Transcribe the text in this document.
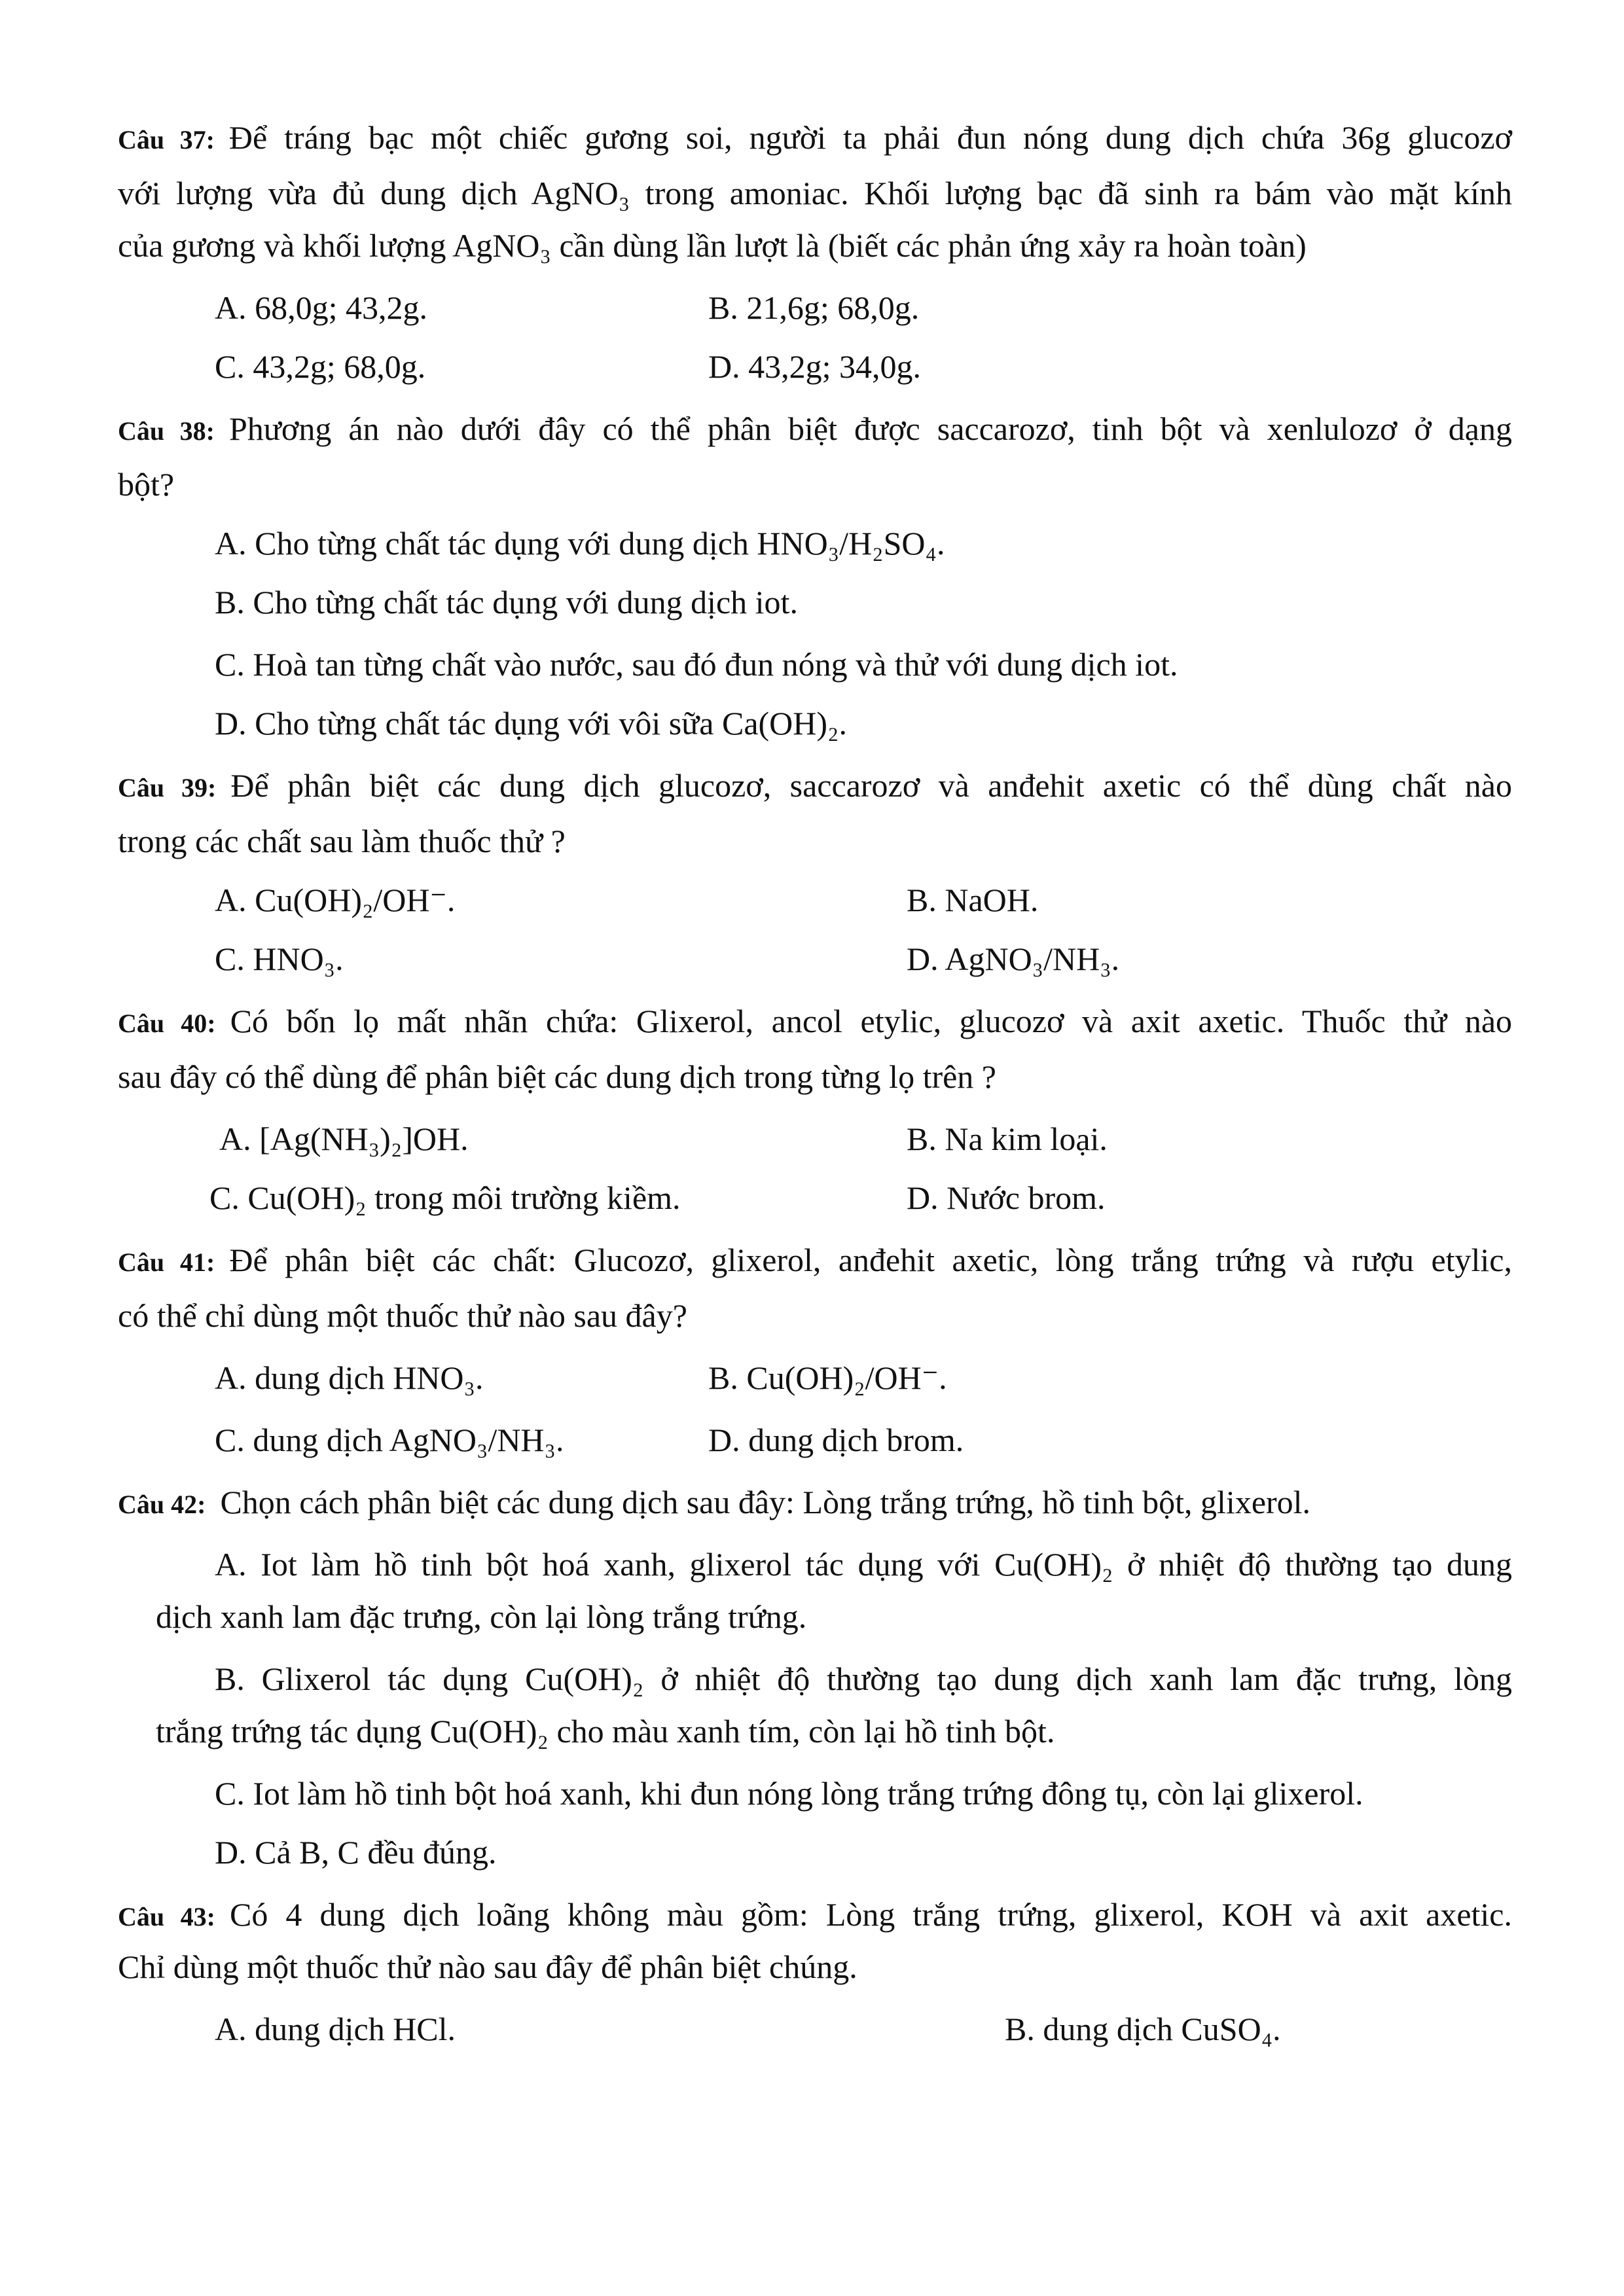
Câu 37: Để tráng bạc một chiếc gương soi, người ta phải đun nóng dung dịch chứa 36g glucozơ
với lượng vừa đủ dung dịch AgNO₃ trong amoniac. Khối lượng bạc đã sinh ra bám vào mặt kính
của gương và khối lượng AgNO₃ cần dùng lần lượt là (biết các phản ứng xảy ra hoàn toàn)
A. 68,0g; 43,2g.	B. 21,6g; 68,0g.
C. 43,2g; 68,0g.	D. 43,2g; 34,0g.
Câu 38: Phương án nào dưới đây có thể phân biệt được saccarozơ, tinh bột và xenlulozơ ở dạng
bột?
A. Cho từng chất tác dụng với dung dịch HNO₃/H₂SO₄.
B. Cho từng chất tác dụng với dung dịch iot.
C. Hoà tan từng chất vào nước, sau đó đun nóng và thử với dung dịch iot.
D. Cho từng chất tác dụng với vôi sữa Ca(OH)₂.
Câu 39: Để phân biệt các dung dịch glucozơ, saccarozơ và anđehit axetic có thể dùng chất nào
trong các chất sau làm thuốc thử ?
A. Cu(OH)₂/OH⁻.	B. NaOH.
C. HNO₃.	D. AgNO₃/NH₃.
Câu 40: Có bốn lọ mất nhãn chứa: Glixerol, ancol etylic, glucozơ và axit axetic. Thuốc thử nào
sau đây có thể dùng để phân biệt các dung dịch trong từng lọ trên ?
A. [Ag(NH₃)₂]OH.	B. Na kim loại.
C. Cu(OH)₂ trong môi trường kiềm.	D. Nước brom.
Câu 41: Để phân biệt các chất: Glucozơ, glixerol, anđehit axetic, lòng trắng trứng và rượu etylic,
có thể chỉ dùng một thuốc thử nào sau đây?
A. dung dịch HNO₃.	B. Cu(OH)₂/OH⁻.
C. dung dịch AgNO₃/NH₃.	D. dung dịch brom.
Câu 42: Chọn cách phân biệt các dung dịch sau đây: Lòng trắng trứng, hồ tinh bột, glixerol.
A. Iot làm hồ tinh bột hoá xanh, glixerol tác dụng với Cu(OH)₂ ở nhiệt độ thường tạo dung
dịch xanh lam đặc trưng, còn lại lòng trắng trứng.
B. Glixerol tác dụng Cu(OH)₂ ở nhiệt độ thường tạo dung dịch xanh lam đặc trưng, lòng
trắng trứng tác dụng Cu(OH)₂ cho màu xanh tím, còn lại hồ tinh bột.
C. Iot làm hồ tinh bột hoá xanh, khi đun nóng lòng trắng trứng đông tụ, còn lại glixerol.
D. Cả B, C đều đúng.
Câu 43: Có 4 dung dịch loãng không màu gồm: Lòng trắng trứng, glixerol, KOH và axit axetic.
Chỉ dùng một thuốc thử nào sau đây để phân biệt chúng.
A. dung dịch HCl.	B. dung dịch CuSO₄.
